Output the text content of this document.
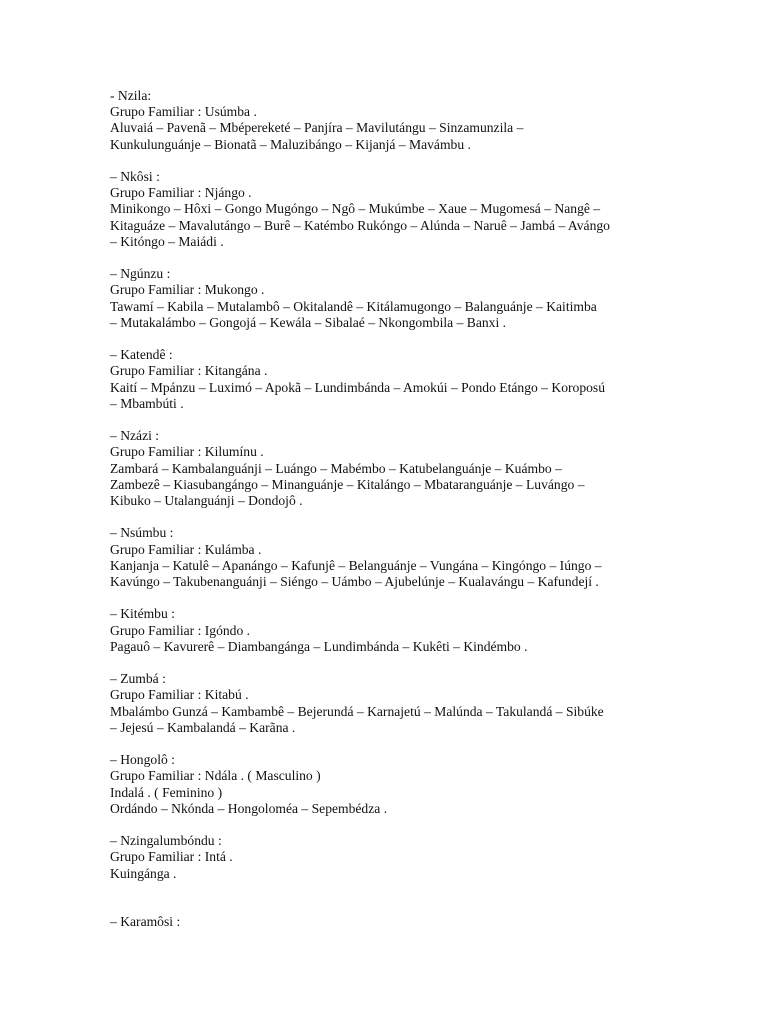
- Nzila:
Grupo Familiar : Usúmba .
Aluvaiá – Pavenã – Mbépereketé – Panjíra – Mavilutángu – Sinzamunzila –
Kunkulunguánje – Bionatã – Maluzibángo – Kijanjá – Mavámbu .
– Nkôsi :
Grupo Familiar : Njángo .
Minikongo – Hôxi – Gongo Mugóngo – Ngô – Mukúmbe – Xaue – Mugomesá – Nangê –
Kitaguáze – Mavalutángo – Burê – Katémbo Rukóngo – Alúnda – Naruê – Jambá – Avángo
– Kitóngo – Maiádi .
– Ngúnzu :
Grupo Familiar : Mukongo .
Tawamí – Kabila – Mutalambô – Okitalandê – Kitálamugongo – Balanguánje – Kaitimba
– Mutakalámbo – Gongojá – Kewála – Sibalaé – Nkongombila – Banxi .
– Katendê :
Grupo Familiar : Kitangána .
Kaití – Mpánzu – Luximó – Apokã – Lundimbánda – Amokúi – Pondo Etángo – Koroposú
– Mbambúti .
– Nzázi :
Grupo Familiar : Kilumínu .
Zambará – Kambalanguánji – Luángo – Mabémbo – Katubelanguánje – Kuámbo –
Zambezê – Kiasubangángo – Minanguánje – Kitalángo – Mbataranguánje – Luvángo –
Kibuko – Utalanguánji – Dondojô .
– Nsúmbu :
Grupo Familiar : Kulámba .
Kanjanja – Katulê – Apanángo – Kafunjê – Belanguánje – Vungána – Kingóngo – Iúngo –
Kavúngo – Takubenanguánji – Siéngo – Uámbo – Ajubelúnje – Kualavángu – Kafundejí .
– Kitémbu :
Grupo Familiar : Igóndo .
Pagauô – Kavurerê – Diambangánga – Lundimbánda – Kukêti – Kindémbo .
– Zumbá :
Grupo Familiar : Kitabú .
Mbalámbo Gunzá – Kambambê – Bejerundá – Karnajetú – Malúnda – Takulandá – Sibúke
– Jejesú – Kambalandá – Karãna .
– Hongolô :
Grupo Familiar : Ndála . ( Masculino )
Indalá . ( Feminino )
Ordándo – Nkónda – Hongoloméa – Sepembédza .
– Nzingalumbóndu :
Grupo Familiar : Intá .
Kuingánga .
– Karamôsi :
